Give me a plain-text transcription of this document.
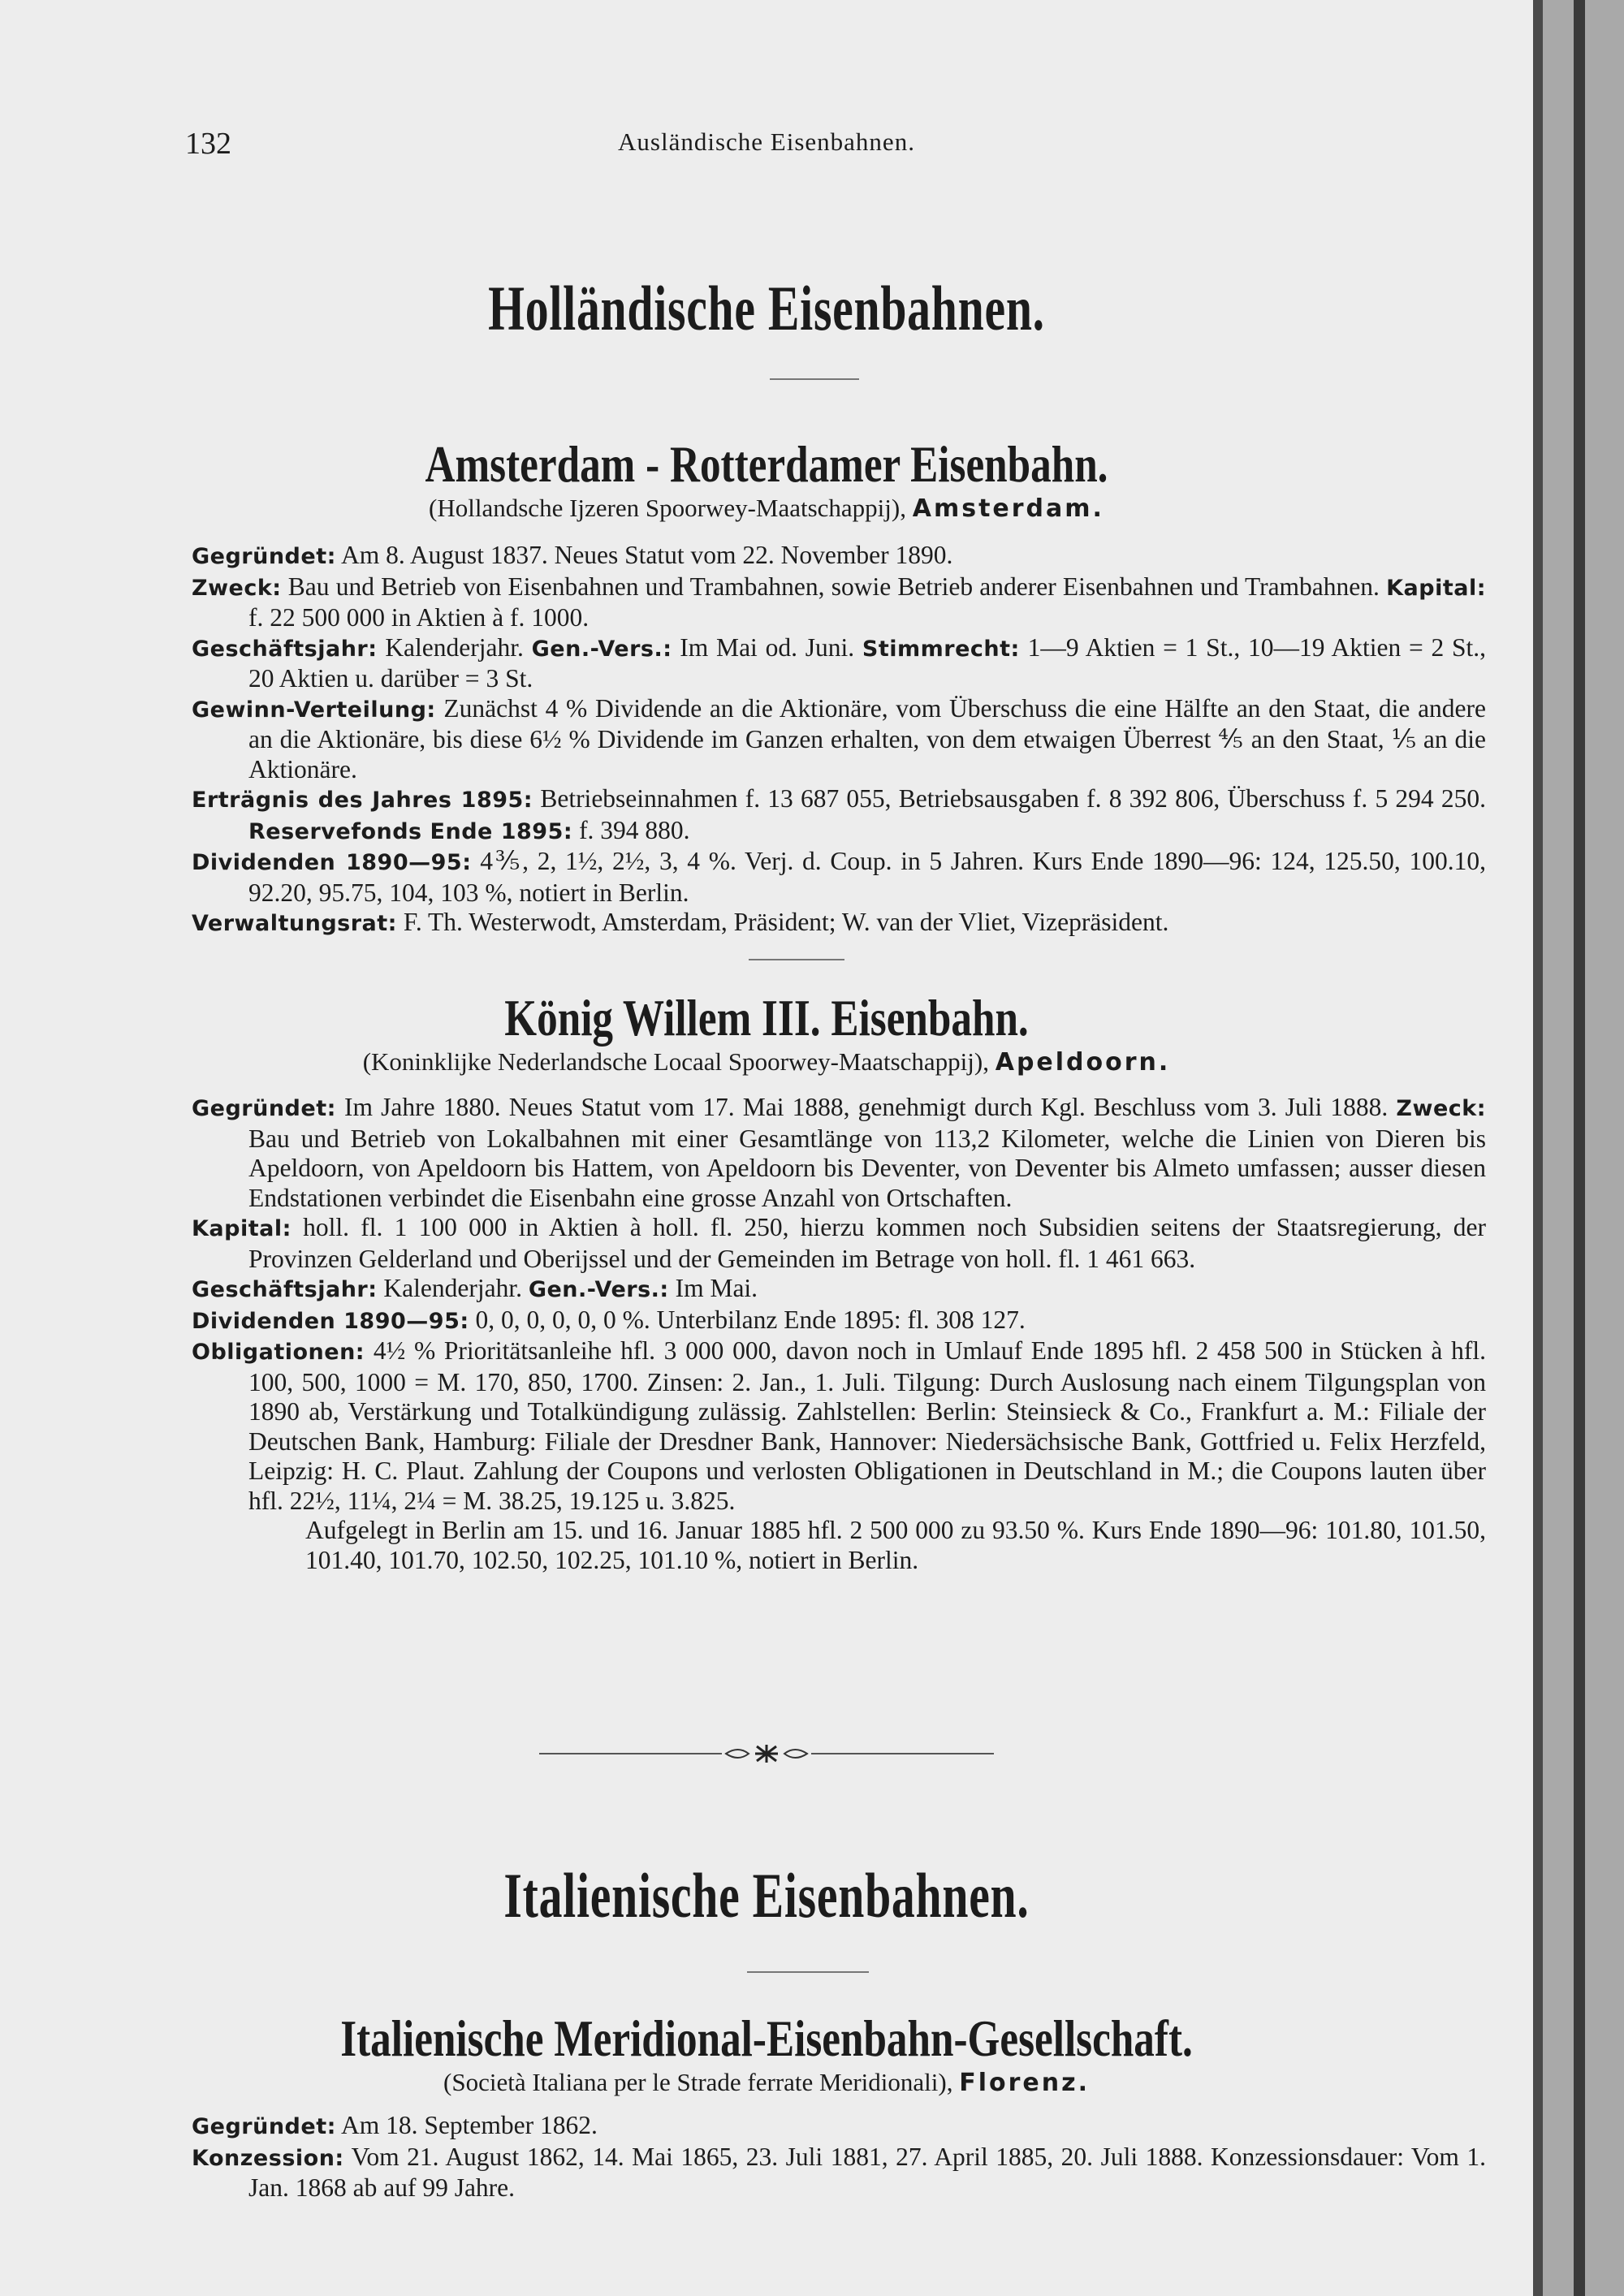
132	Ausländische Eisenbahnen.
Holländische Eisenbahnen.
Amsterdam - Rotterdamer Eisenbahn.
(Hollandsche Ijzeren Spoorwey-Maatschappij), Amsterdam.

Gegründet: Am 8. August 1837. Neues Statut vom 22. November 1890.

Zweck: Bau und Betrieb von Eisenbahnen und Trambahnen, sowie Betrieb anderer Eisenbahnen und Trambahnen. Kapital: f. 22 500 000 in Aktien à f. 1000.

Geschäftsjahr: Kalenderjahr. Gen.-Vers.: Im Mai od. Juni. Stimmrecht: 1—9 Aktien = 1 St., 10—19 Aktien = 2 St., 20 Aktien u. darüber = 3 St.

Gewinn-Verteilung: Zunächst 4 % Dividende an die Aktionäre, vom Überschuss die eine Hälfte an den Staat, die andere an die Aktionäre, bis diese 6½ % Dividende im Ganzen erhalten, von dem etwaigen Überrest ⅘ an den Staat, ⅕ an die Aktionäre.

Erträgnis des Jahres 1895: Betriebseinnahmen f. 13 687 055, Betriebsausgaben f. 8 392 806, Überschuss f. 5 294 250. Reservefonds Ende 1895: f. 394 880.

Dividenden 1890—95: 4⅗, 2, 1½, 2½, 3, 4 %. Verj. d. Coup. in 5 Jahren. Kurs Ende 1890—96: 124, 125.50, 100.10, 92.20, 95.75, 104, 103 %, notiert in Berlin.

Verwaltungsrat: F. Th. Westerwodt, Amsterdam, Präsident; W. van der Vliet, Vizepräsident.

König Willem III. Eisenbahn.
(Koninklijke Nederlandsche Locaal Spoorwey-Maatschappij), Apeldoorn.

Gegründet: Im Jahre 1880. Neues Statut vom 17. Mai 1888, genehmigt durch Kgl. Beschluss vom 3. Juli 1888. Zweck: Bau und Betrieb von Lokalbahnen mit einer Gesamtlänge von 113,2 Kilometer, welche die Linien von Dieren bis Apeldoorn, von Apeldoorn bis Hattem, von Apeldoorn bis Deventer, von Deventer bis Almeto umfassen; ausser diesen Endstationen verbindet die Eisenbahn eine grosse Anzahl von Ortschaften.

Kapital: holl. fl. 1 100 000 in Aktien à holl. fl. 250, hierzu kommen noch Subsidien seitens der Staatsregierung, der Provinzen Gelderland und Oberijssel und der Gemeinden im Betrage von holl. fl. 1 461 663.

Geschäftsjahr: Kalenderjahr. Gen.-Vers.: Im Mai.

Dividenden 1890—95: 0, 0, 0, 0, 0, 0 %. Unterbilanz Ende 1895: fl. 308 127.

Obligationen: 4½ % Prioritätsanleihe hfl. 3 000 000, davon noch in Umlauf Ende 1895 hfl. 2 458 500 in Stücken à hfl. 100, 500, 1000 = M. 170, 850, 1700. Zinsen: 2. Jan., 1. Juli. Tilgung: Durch Auslosung nach einem Tilgungsplan von 1890 ab, Verstärkung und Totalkündigung zulässig. Zahlstellen: Berlin: Steinsieck & Co., Frankfurt a. M.: Filiale der Deutschen Bank, Hamburg: Filiale der Dresdner Bank, Hannover: Niedersächsische Bank, Gottfried u. Felix Herzfeld, Leipzig: H. C. Plaut. Zahlung der Coupons und verlosten Obligationen in Deutschland in M.; die Coupons lauten über hfl. 22½, 11¼, 2¼ = M. 38.25, 19.125 u. 3.825.

Aufgelegt in Berlin am 15. und 16. Januar 1885 hfl. 2 500 000 zu 93.50 %. Kurs Ende 1890—96: 101.80, 101.50, 101.40, 101.70, 102.50, 102.25, 101.10 %, notiert in Berlin.

Italienische Eisenbahnen.
Italienische Meridional-Eisenbahn-Gesellschaft.
(Società Italiana per le Strade ferrate Meridionali), Florenz.

Gegründet: Am 18. September 1862.

Konzession: Vom 21. August 1862, 14. Mai 1865, 23. Juli 1881, 27. April 1885, 20. Juli 1888. Konzessionsdauer: Vom 1. Jan. 1868 ab auf 99 Jahre.
